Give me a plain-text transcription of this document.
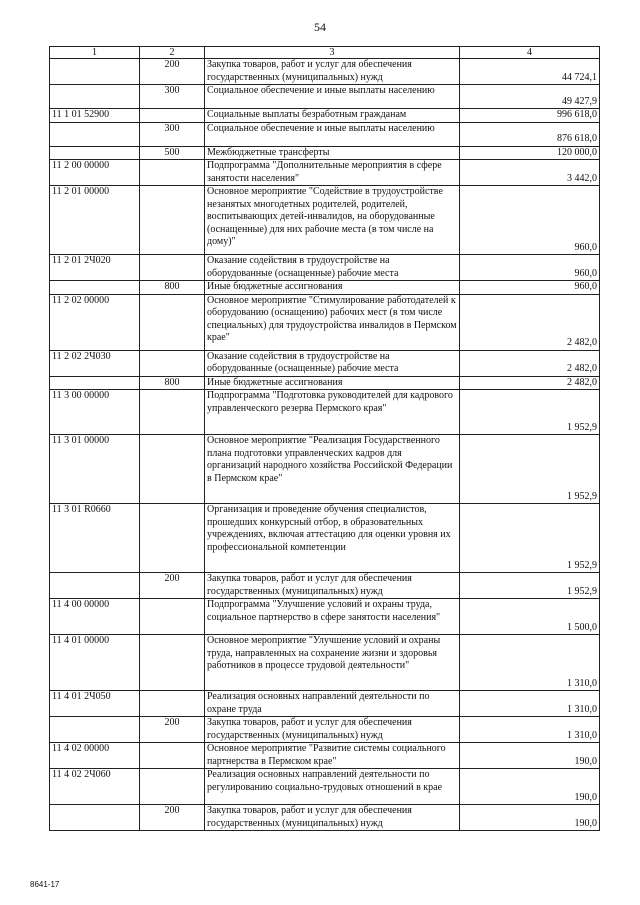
54
1	2	3	4
	200	Закупка товаров, работ и услуг для обеспечения государственных (муниципальных) нужд	44 724,1
	300	Социальное обеспечение и иные выплаты населению	49 427,9
11 1 01 52900		Социальные выплаты безработным гражданам	996 618,0
	300	Социальное обеспечение и иные выплаты населению	876 618,0
	500	Межбюджетные трансферты	120 000,0
11 2 00 00000		Подпрограмма "Дополнительные мероприятия в сфере занятости населения"	3 442,0
11 2 01 00000		Основное мероприятие "Содействие в трудоустройстве незанятых многодетных родителей, родителей, воспитывающих детей-инвалидов, на оборудованные (оснащенные) для них рабочие места (в том числе на дому)"	960,0
11 2 01 2Ч020		Оказание содействия в трудоустройстве на оборудованные (оснащенные) рабочие места	960,0
	800	Иные бюджетные ассигнования	960,0
11 2 02 00000		Основное мероприятие "Стимулирование работодателей к оборудованию (оснащению) рабочих мест (в том числе специальных) для трудоустройства инвалидов в Пермском крае"	2 482,0
11 2 02 2Ч030		Оказание содействия в трудоустройстве на оборудованные (оснащенные) рабочие места	2 482,0
	800	Иные бюджетные ассигнования	2 482,0
11 3 00 00000		Подпрограмма "Подготовка руководителей для кадрового управленческого резерва Пермского края"	1 952,9
11 3 01 00000		Основное мероприятие "Реализация Государственного плана подготовки управленческих кадров для организаций народного хозяйства Российской Федерации в Пермском крае"	1 952,9
11 3 01 R0660		Организация и проведение обучения специалистов, прошедших конкурсный отбор, в образовательных учреждениях, включая аттестацию для оценки уровня их профессиональной компетенции	1 952,9
	200	Закупка товаров, работ и услуг для обеспечения государственных (муниципальных) нужд	1 952,9
11 4 00 00000		Подпрограмма "Улучшение условий и охраны труда, социальное партнерство в сфере занятости населения"	1 500,0
11 4 01 00000		Основное мероприятие "Улучшение условий и охраны труда, направленных на сохранение жизни и здоровья работников в процессе трудовой деятельности"	1 310,0
11 4 01 2Ч050		Реализация основных направлений деятельности по охране труда	1 310,0
	200	Закупка товаров, работ и услуг для обеспечения государственных (муниципальных) нужд	1 310,0
11 4 02 00000		Основное мероприятие "Развитие системы социального партнерства в Пермском крае"	190,0
11 4 02 2Ч060		Реализация основных направлений деятельности по регулированию социально-трудовых отношений в крае	190,0
	200	Закупка товаров, работ и услуг для обеспечения государственных (муниципальных) нужд	190,0
8641-17
